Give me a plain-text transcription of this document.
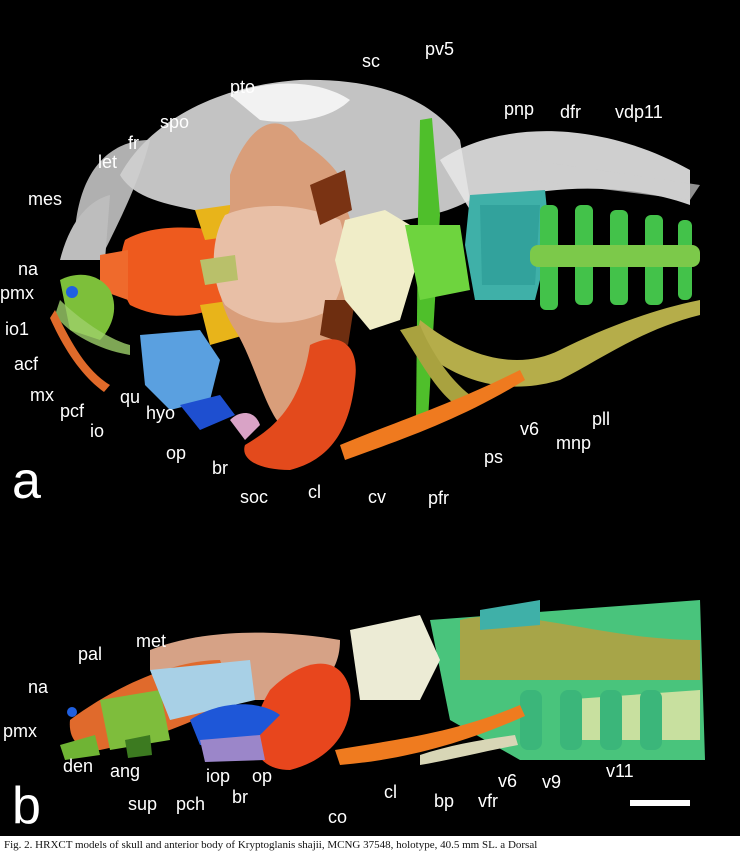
a
b
pto
sc
pv5
pnp dfr vdp11
spo
fr
let
mes
na
pmx
io1
acf
mx
pcf
io
qu
hyo
op
br
soc cl	cv pfr
ps
v6
mnp
pll
pal
met
na
pmx
den ang
sup pch
iop
br
op
co
cl bp vfr
v6 v9
v11
Fig. 2. HRXCT models of skull and anterior body of Kryptoglanis shajii, MCNG 37548, holotype, 40.5 mm SL. a Dorsal
